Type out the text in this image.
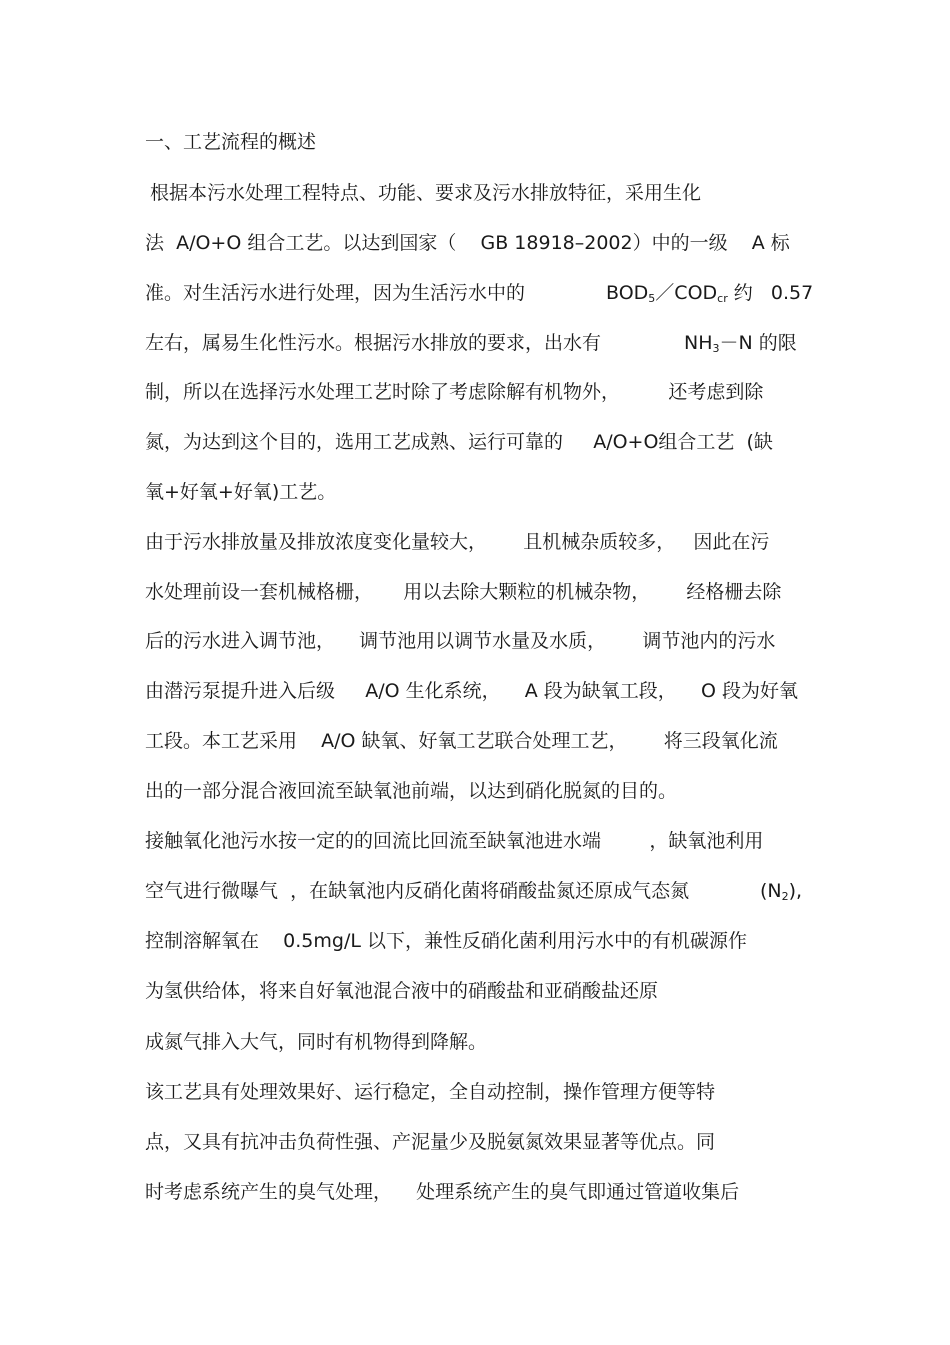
一、工艺流程的概述
根据本污水处理工程特点、功能、要求及污水排放特征，采用生化
法  A/O+O 组合工艺。以达到国家（    GB 18918–2002）中的一级    A 标
准。对生活污水进行处理，因为生活污水中的	$BOD_5/COD_{cr}$ 约   0.57
左右，属易生化性污水。根据污水排放的要求，出水有	$NH_3-N$ 的限
制，所以在选择污水处理工艺时除了考虑除解有机物外，        还考虑到除
氮，为达到这个目的，选用工艺成熟、运行可靠的     A/O+O组合工艺  (缺
氧+好氧+好氧)工艺。
由于污水排放量及排放浓度变化量较大，      且机械杂质较多，   因此在污
水处理前设一套机械格栅，     用以去除大颗粒的机械杂物，      经格栅去除
后的污水进入调节池，    调节池用以调节水量及水质，      调节池内的污水
由潜污泵提升进入后级     A/O 生化系统，    A 段为缺氧工段，    O 段为好氧
工段。本工艺采用    A/O 缺氧、好氧工艺联合处理工艺，      将三段氧化流
出的一部分混合液回流至缺氧池前端，以达到硝化脱氮的目的。
接触氧化池污水按一定的的回流比回流至缺氧池进水端        ，缺氧池利用
空气进行微曝气  ，在缺氧池内反硝化菌将硝酸盐氮还原成气态氮	$(N_2)$,
控制溶解氧在    0.5mg/L 以下，兼性反硝化菌利用污水中的有机碳源作
为氢供给体，将来自好氧池混合液中的硝酸盐和亚硝酸盐还原
成氮气排入大气，同时有机物得到降解。
该工艺具有处理效果好、运行稳定，全自动控制，操作管理方便等特
点，又具有抗冲击负荷性强、产泥量少及脱氨氮效果显著等优点。同
时考虑系统产生的臭气处理，    处理系统产生的臭气即通过管道收集后
